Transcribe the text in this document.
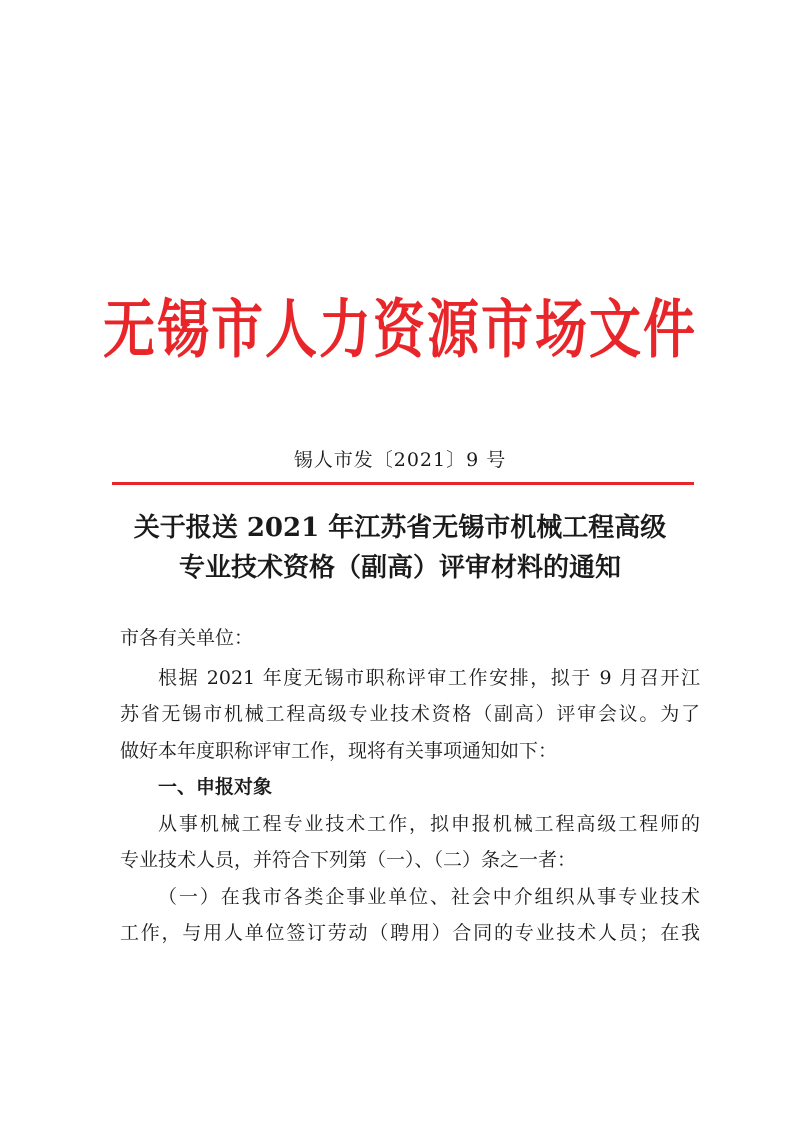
无锡市人力资源市场文件
锡人市发〔2021〕9 号
关于报送 2021 年江苏省无锡市机械工程高级
专业技术资格（副高）评审材料的通知
市各有关单位：
根据 2021 年度无锡市职称评审工作安排，拟于 9 月召开江
苏省无锡市机械工程高级专业技术资格（副高）评审会议。为了
做好本年度职称评审工作，现将有关事项通知如下：
一、申报对象
从事机械工程专业技术工作，拟申报机械工程高级工程师的
专业技术人员，并符合下列第（一）、（二）条之一者：
（一）在我市各类企事业单位、社会中介组织从事专业技术
工作，与用人单位签订劳动（聘用）合同的专业技术人员；在我
